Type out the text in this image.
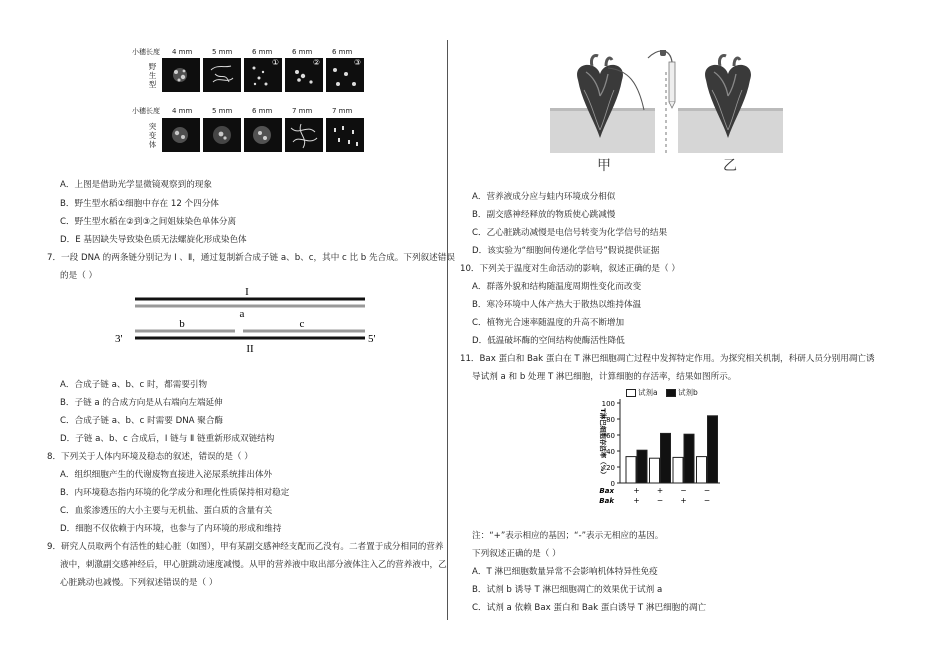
小穗长度 4 mm	5 mm	6 mm	6 mm	6 mm
野生型
①	②	③
小穗长度 4 mm	5 mm	6 mm	7 mm	7 mm
突变体
A．上图是借助光学显微镜观察到的现象
B．野生型水稻①细胞中存在 12 个四分体
C．野生型水稻在②到③之间姐妹染色单体分离
D．E 基因缺失导致染色质无法螺旋化形成染色体
7．一段 DNA 的两条链分别记为 Ⅰ 、Ⅱ，通过复制新合成子链 a、b、c，其中 c 比 b 先合成。下列叙述错误
的是（ ）
I
a
b	c
II
3'	5'
A．合成子链 a、b、c 时，都需要引物
B．子链 a 的合成方向是从右端向左端延伸
C．合成子链 a、b、c 时需要 DNA 聚合酶
D．子链 a、b、c 合成后，Ⅰ 链与 Ⅱ 链重新形成双链结构
8．下列关于人体内环境及稳态的叙述，错误的是（ ）
A．组织细胞产生的代谢废物直接进入泌尿系统排出体外
B．内环境稳态指内环境的化学成分和理化性质保持相对稳定
C．血浆渗透压的大小主要与无机盐、蛋白质的含量有关
D．细胞不仅依赖于内环境，也参与了内环境的形成和维持
9．研究人员取两个有活性的蛙心脏（如图），甲有某副交感神经支配而乙没有。二者置于成分相同的营养
液中，刺激副交感神经后，甲心脏跳动速度减慢。从甲的营养液中取出部分液体注入乙的营养液中，乙
心脏跳动也减慢。下列叙述错误的是（ ）
甲	乙
A．营养液成分应与蛙内环境成分相似
B．副交感神经释放的物质使心跳减慢
C．乙心脏跳动减慢是电信号转变为化学信号的结果
D．该实验为“细胞间传递化学信号”假说提供证据
10．下列关于温度对生命活动的影响，叙述正确的是（ ）
A．群落外貌和结构随温度周期性变化而改变
B．寒冷环境中人体产热大于散热以维持体温
C．植物光合速率随温度的升高不断增加
D．低温破坏酶的空间结构使酶活性降低
11．Bax 蛋白和 Bak 蛋白在 T 淋巴细胞凋亡过程中发挥特定作用。为探究相关机制，科研人员分别用凋亡诱
导试剂 a 和 b 处理 T 淋巴细胞，计算细胞的存活率，结果如图所示。
试剂a	试剂b
0
20
40
60
80
100
T淋巴细胞存活率（%）
+
+
+
−
−
+
−
−
Bax
Bak
注：“+”表示相应的基因；“-”表示无相应的基因。
下列叙述正确的是（ ）
A．T 淋巴细胞数量异常不会影响机体特异性免疫
B．试剂 b 诱导 T 淋巴细胞凋亡的效果优于试剂 a
C．试剂 a 依赖 Bax 蛋白和 Bak 蛋白诱导 T 淋巴细胞的凋亡
